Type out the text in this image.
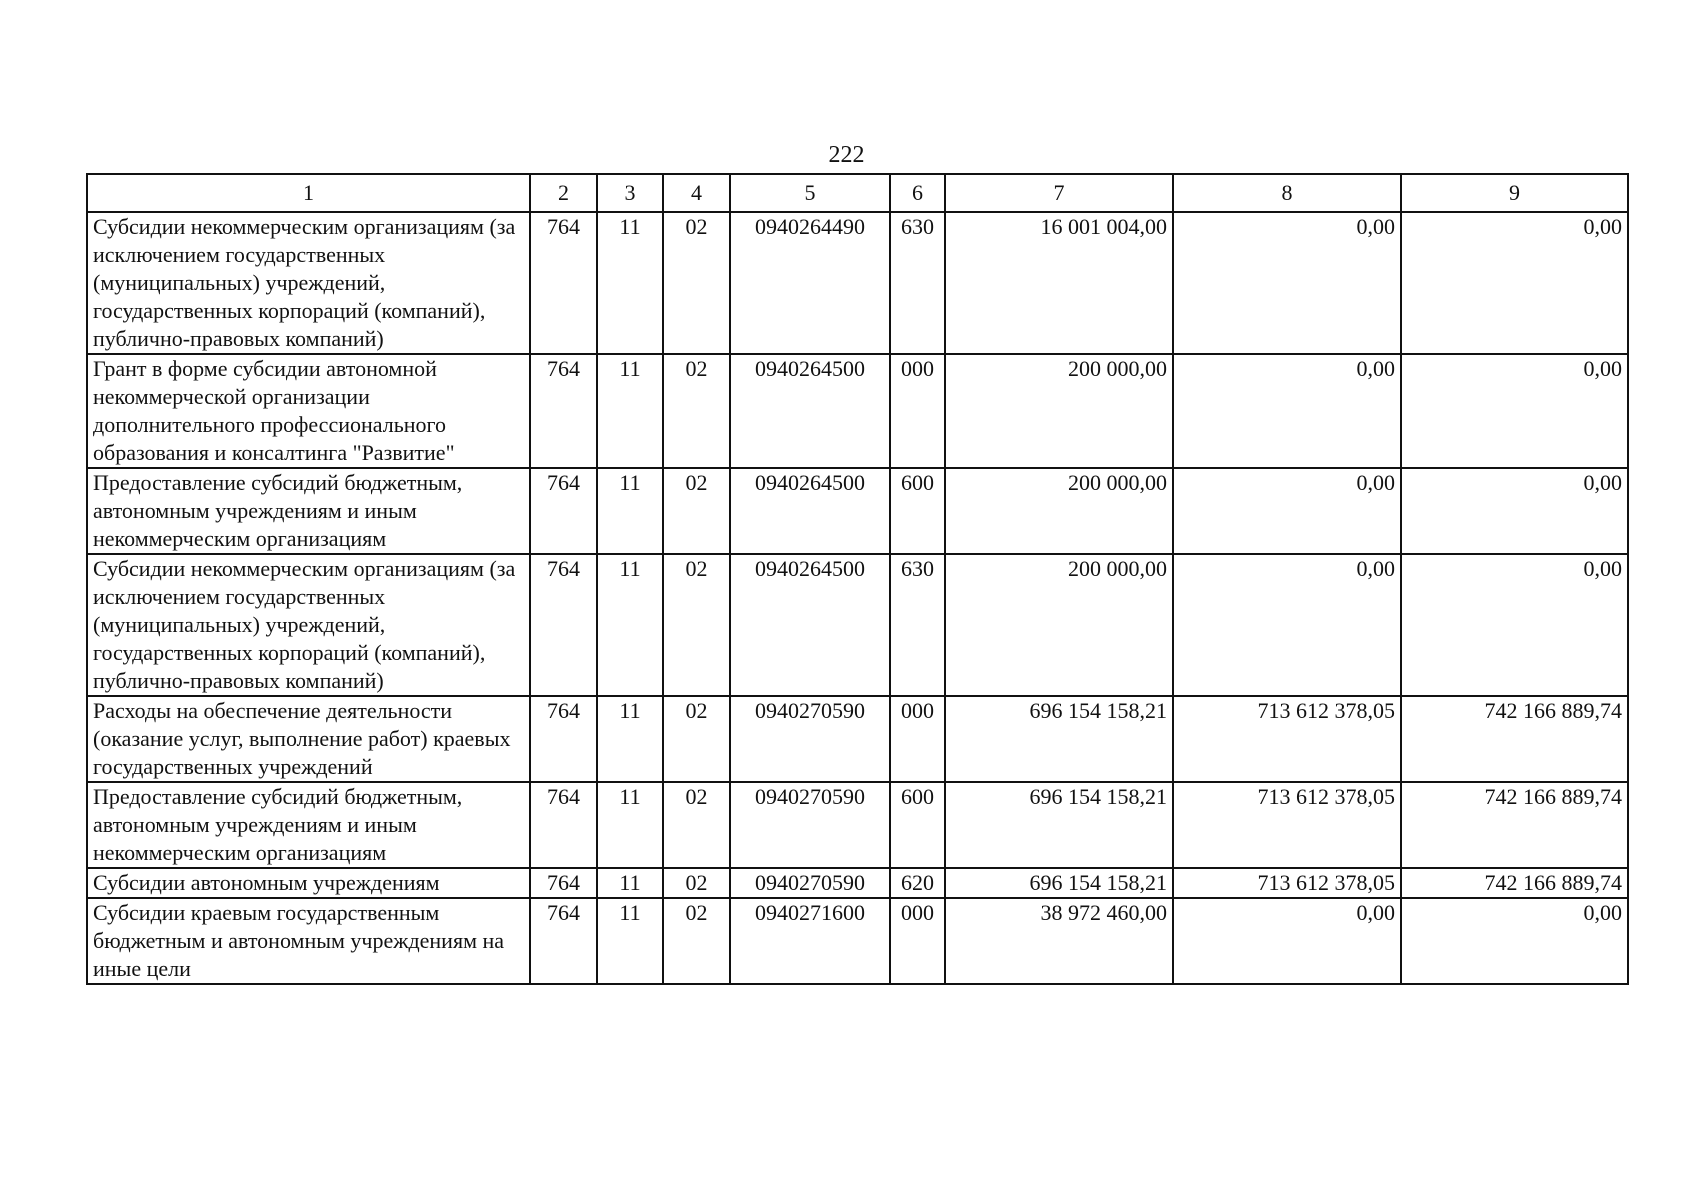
222
1	2	3	4	5	6	7	8	9
Субсидии некоммерческим организациям (за исключением государственных (муниципальных) учреждений, государственных корпораций (компаний), публично-правовых компаний)	764	11	02	0940264490	630	16 001 004,00	0,00	0,00
Грант в форме субсидии автономной некоммерческой организации дополнительного профессионального образования и консалтинга "Развитие"	764	11	02	0940264500	000	200 000,00	0,00	0,00
Предоставление субсидий бюджетным, автономным учреждениям и иным некоммерческим организациям	764	11	02	0940264500	600	200 000,00	0,00	0,00
Субсидии некоммерческим организациям (за исключением государственных (муниципальных) учреждений, государственных корпораций (компаний), публично-правовых компаний)	764	11	02	0940264500	630	200 000,00	0,00	0,00
Расходы на обеспечение деятельности (оказание услуг, выполнение работ) краевых государственных учреждений	764	11	02	0940270590	000	696 154 158,21	713 612 378,05	742 166 889,74
Предоставление субсидий бюджетным, автономным учреждениям и иным некоммерческим организациям	764	11	02	0940270590	600	696 154 158,21	713 612 378,05	742 166 889,74
Субсидии автономным учреждениям	764	11	02	0940270590	620	696 154 158,21	713 612 378,05	742 166 889,74
Субсидии краевым государственным бюджетным и автономным учреждениям на иные цели	764	11	02	0940271600	000	38 972 460,00	0,00	0,00
